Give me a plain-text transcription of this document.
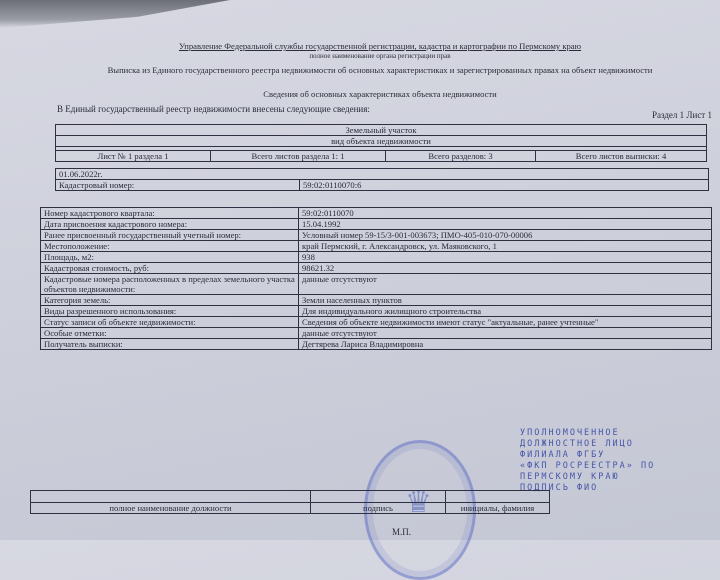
Управление Федеральной службы государственной регистрации, кадастра и картографии по Пермскому краю
полное наименование органа регистрации прав
Выписка из Единого государственного реестра недвижимости об основных характеристиках и зарегистрированных правах на объект недвижимости
Сведения об основных характеристиках объекта недвижимости
В Единый государственный реестр недвижимости внесены следующие сведения:
Раздел 1 Лист 1
Земельный участок
вид объекта недвижимости

Лист № 1 раздела 1	Всего листов раздела 1: 1	Всего разделов: 3	Всего листов выписки: 4
01.06.2022г.
Кадастровый номер:	59:02:0110070:6
Номер кадастрового квартала:	59:02:0110070
Дата присвоения кадастрового номера:	15.04.1992
Ранее присвоенный государственный учетный номер:	Условный номер 59-15/3-001-003673; ПМО-405-010-070-00006
Местоположение:	край Пермский, г. Александровск, ул. Маяковского, 1
Площадь, м2:	938
Кадастровая стоимость, руб:	98621.32
Кадастровые номера расположенных в пределах земельного участка объектов недвижимости:	данные отсутствуют
Категория земель:	Земли населенных пунктов
Виды разрешенного использования:	Для индивидуального жилищного строительства
Статус записи об объекте недвижимости:	Сведения об объекте недвижимости имеют статус "актуальные, ранее учтенные"
Особые отметки:	данные отсутствуют
Получатель выписки:	Дегтярева Лариса Владимировна
♛
УПОЛНОМОЧЕННОЕ
ДОЛЖНОСТНОЕ ЛИЦО
ФИЛИАЛА ФГБУ
«ФКП РОСРЕЕСТРА» ПО
ПЕРМСКОМУ КРАЮ
ПОДПИСЬ ФИО

полное наименование должности	подпись	инициалы, фамилия
М.П.
